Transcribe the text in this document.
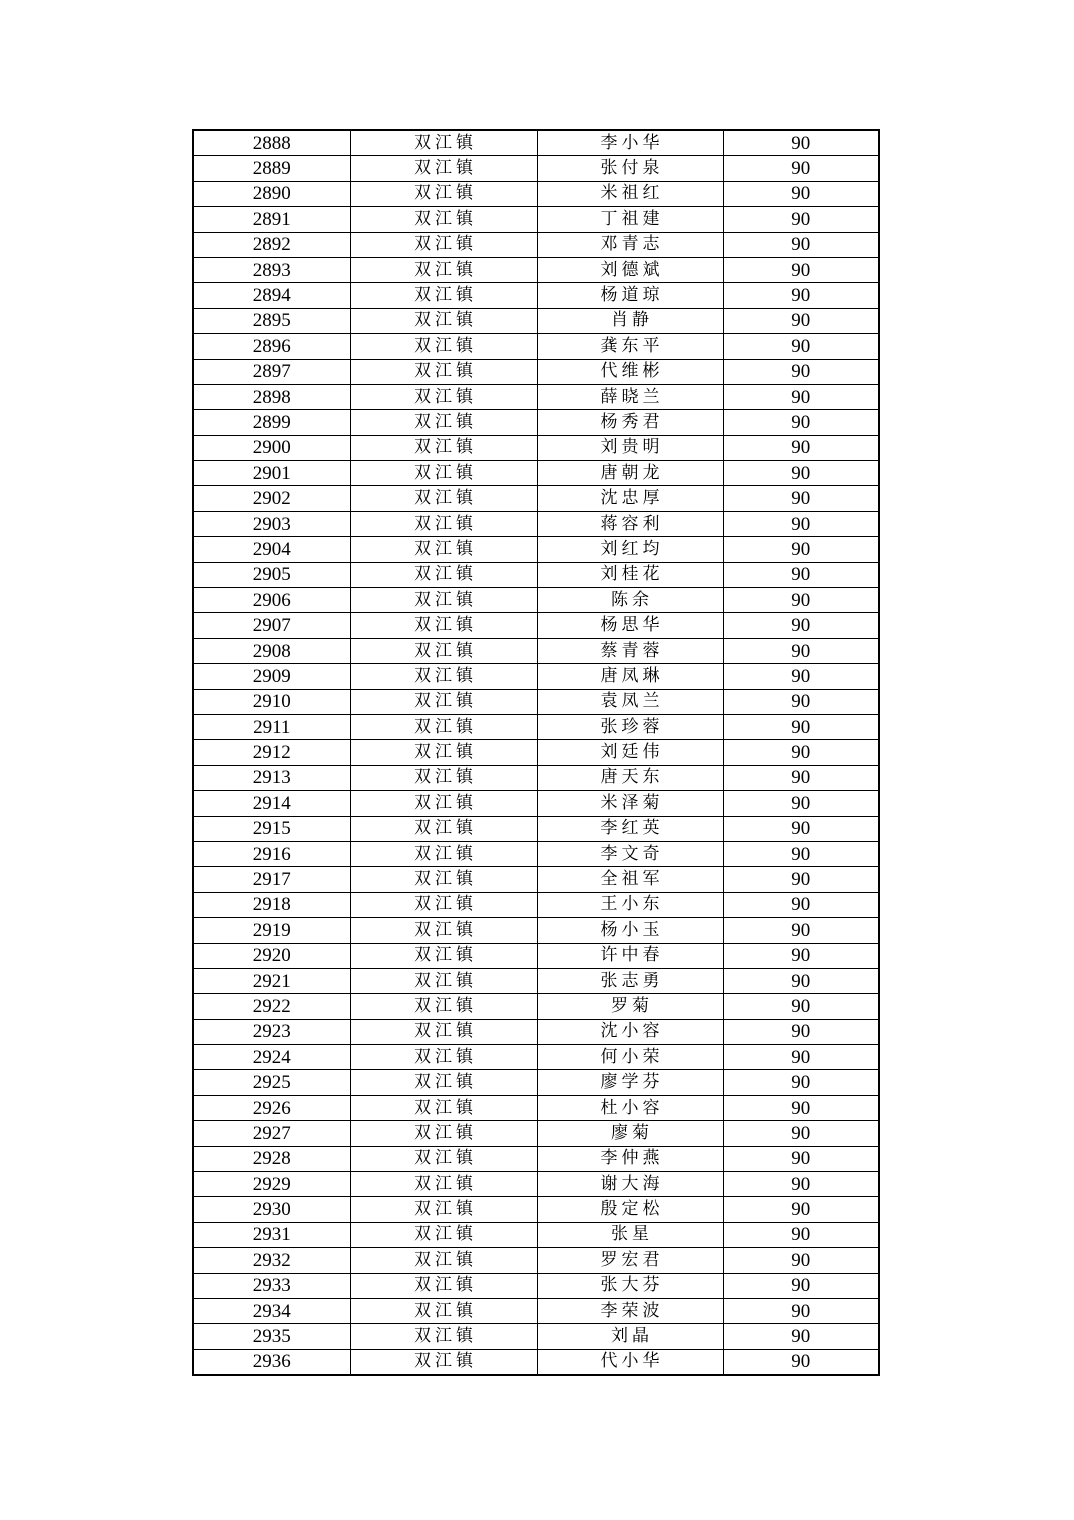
2888	双江镇	李小华	90
2889	双江镇	张付泉	90
2890	双江镇	米祖红	90
2891	双江镇	丁祖建	90
2892	双江镇	邓青志	90
2893	双江镇	刘德斌	90
2894	双江镇	杨道琼	90
2895	双江镇	肖静	90
2896	双江镇	龚东平	90
2897	双江镇	代维彬	90
2898	双江镇	薛晓兰	90
2899	双江镇	杨秀君	90
2900	双江镇	刘贵明	90
2901	双江镇	唐朝龙	90
2902	双江镇	沈忠厚	90
2903	双江镇	蒋容利	90
2904	双江镇	刘红均	90
2905	双江镇	刘桂花	90
2906	双江镇	陈余	90
2907	双江镇	杨思华	90
2908	双江镇	蔡青蓉	90
2909	双江镇	唐凤琳	90
2910	双江镇	袁凤兰	90
2911	双江镇	张珍蓉	90
2912	双江镇	刘廷伟	90
2913	双江镇	唐天东	90
2914	双江镇	米泽菊	90
2915	双江镇	李红英	90
2916	双江镇	李文奇	90
2917	双江镇	全祖军	90
2918	双江镇	王小东	90
2919	双江镇	杨小玉	90
2920	双江镇	许中春	90
2921	双江镇	张志勇	90
2922	双江镇	罗菊	90
2923	双江镇	沈小容	90
2924	双江镇	何小荣	90
2925	双江镇	廖学芬	90
2926	双江镇	杜小容	90
2927	双江镇	廖菊	90
2928	双江镇	李仲燕	90
2929	双江镇	谢大海	90
2930	双江镇	殷定松	90
2931	双江镇	张星	90
2932	双江镇	罗宏君	90
2933	双江镇	张大芬	90
2934	双江镇	李荣波	90
2935	双江镇	刘晶	90
2936	双江镇	代小华	90
